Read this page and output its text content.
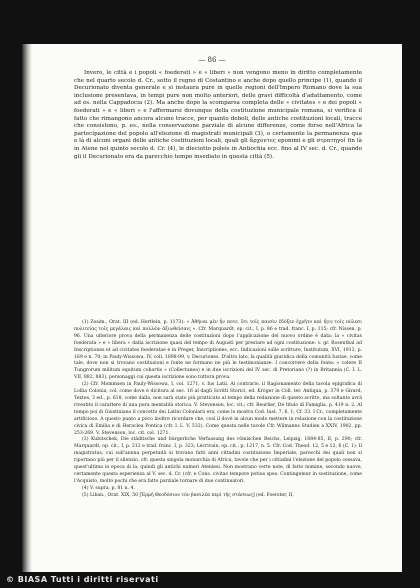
— 86 —

Invero, le città e i popoli « foederati » e « liberi » non vengono meno in diritto completamente che nel quarto secolo d. Cr., sotto il regno di Costantino e anche dopo quello principe (1), quando il Decurionato diventa generale e si instaura pure in quelle regioni dell'Impero Romano dove la sua inclusione presentava, in tempi pure non molto anteriori, delle gravi difficoltà d'adattamento, come ad es. nella Cappadocia (2). Ma anche dopo la scomparsa completa delle « civitates » e dei popoli « foederati » e « liberi » e l'affermarsi dovunque della costituzione municipale romana, si verifica il fatto che rimangono ancora alcune tracce, per quanto deboli, delle antiche costituzioni locali, tracce che consistono, p. es., nella conservazione parziale di alcune differenze, come forse nell'Africa la partecipazione del popolo all'elezione di magistrati municipali (3), o certamente la permanenza qua e là di alcuni organi delle antiche costituzioni locali, quali gli ἄρχοντες eponimi e gli στρατηγοί fin là in Atene nel quinto secolo d. Cr. (4), le dieciotto poleis in Antiochia ecc. fino al IV sec. d. Cr., quando gli il Decurionato era da parecchio tempo insediato in questa città (5).

(1) Zosim., Orat. III (ed. Hertlein, p. 1173): « Ἀθήναι μὲν ἦν ποτε, ὅτι τοῖς παισὶν ἐδόξεν ἐχρῆτο καὶ ἦ(ν) τοῖς πόλεσι πολιτείας τοῖς μεγάλαις καὶ πολλῶν ἀξιωθεῖσαις ». Cfr. Marquardt, op. cit., I, p. 86 e trad. franc. I, p. 115; cfr. Nissen, p. 96. Una ulteriore prova della permanenza delle costituzioni dopo l'applicazione del nuovo ordine è data: la « civitas foederata » e « libera » dalla iscrizione quasi del tempo di Augusti per prestare ad ogni costituzione: v. gr. Rosenthal ad Inscriptiones et ad civitates foederatae e in Preger, Inscriptiones, ecc. Indicazioni sulle scritture, Institutum, XVI, 1913, p. 169 e n. 70; in Pauly-Wissowa, IV, coll. 1898-99, v. Decuriones. D'altro lato, la qualità giuridica della comunità Iustae, come tale, dove non si trovano costituzioni e fonte ne formano ne più le testimonianze. I concorrere della fonte: « colere II Tungrorum militum equitum cohortis » (Collectanea) e in due iscrizioni del IV sec. di Pretoriano (?) in Britannia (C. I. L. VII, 882, 883), personaggi cui questa iscrizione sono tuttora prova.

(2) Cfr. Mommsen in Pauly-Wissowa, I, col. 1271, v. Ius Latii. Al contrario, il Ragionamento della tavola epigrafica di Lollia Colonia, col. come dove è dicitura al sec. 16 al dagli Scritti Storici, ed. Kröger in Coll. ter. Antiqua, p. 379 e Girard, Textes, 3 ed., p. 618, come dalla, non sarà stato più pratticato al tempo della redazione di questo scritto, ma soltanto avrà rivestito il carattere di una pura mentalità storica. V. Stevenson, loc. cit.; cfr. Beurlier, De titulo di Famiglia, p. 419 n. 2. Al tempo poi di Giustiniano il concetto dei Latini Coloniarii era, come lo mostra Cod. Iust. 7, 6, 1; Cf. 33. I Cr., completamente artificioso. A questo punto a poco inoltre ricordare che, così il dovè in alcun modo mettere in relazione con la costituzione civica di Emilia e di Heraclea Pontica (cfr. I. L. V. 532). Come questa nelle tavole Cfr. Wilmanns Studien a XXIV, 1902, pp. 253-269. V. Stevenson, loc. cit. col. 1271.

(3) Kubitschek, Die städtische und bürgerliche Verfassung des römischen Reichs, Leipzig, 1884-85, II, p. 290; cfr. Marquardt, op. cit., I, p. 212 e trad. franc. I, p. 323; Lécrivain, op. cit., p. 1217, n. 5. Cfr. Cod. Theod. 12, 5 e 12, 6 (C. 1). Il magistratus, cui sull'annua perpetuità si trovano fatti anni cittadini costituzione Imperiale, parecchi dei quali non si riportano più per il silenzio, cfr. questa singola monarchia di Africa, tavole che per i cittadini l'elezione del popolo cessava, quest'ultima in epoca di la, quindi gli antichi numeri Ateniesi. Non mostrano certe note, di fatto nomine, secondo nuove, certamente questa esperienza al V. sec. d. Cr. (cfr. e Cons. civitas tempore potius spes. Contingemur in sostituzione, come l'Acquisto, molto pochi che era fatto parziale tornare di due continuatori.

(4) V. supra, p. 81 n. 4.

(5) Liban., Orat. XIX, 50 [Ἑρμῆ Θεοδόσιον τὸν βασιλέα περὶ τῆς στάσεως] (ed. Foerster, II,

© BIASA Tutti i diritti riservati
